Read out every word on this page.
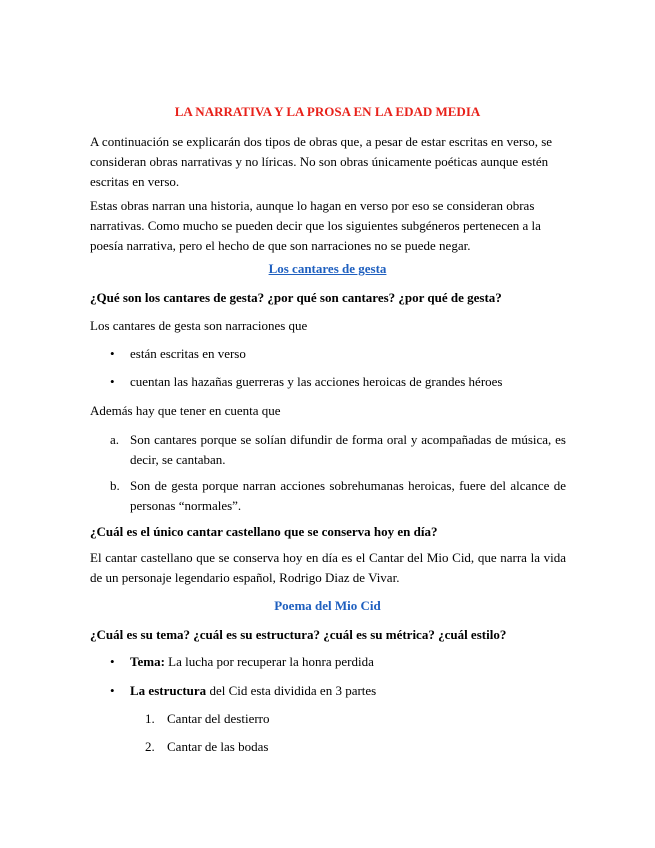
LA NARRATIVA Y LA PROSA EN LA EDAD MEDIA

A continuación se explicarán dos tipos de obras que, a pesar de estar escritas en verso, se consideran obras narrativas y no líricas. No son obras únicamente poéticas aunque estén escritas en verso.

Estas obras narran una historia, aunque lo hagan en verso por eso se consideran obras narrativas. Como mucho se pueden decir que los siguientes subgéneros pertenecen a la poesía narrativa, pero el hecho de que son narraciones no se puede negar.

Los cantares de gesta
¿Qué son los cantares de gesta? ¿por qué son cantares? ¿por qué de gesta?
Los cantares de gesta son narraciones que
• están escritas en verso
• cuentan las hazañas guerreras y las acciones heroicas de grandes héroes
Además hay que tener en cuenta que
a. Son cantares porque se solían difundir de forma oral y acompañadas de música, es decir, se cantaban.
b. Son de gesta porque narran acciones sobrehumanas heroicas, fuere del alcance de personas “normales”.
¿Cuál es el único cantar castellano que se conserva hoy en día?

El cantar castellano que se conserva hoy en día es el Cantar del Mio Cid, que narra la vida de un personaje legendario español, Rodrigo Diaz de Vivar.

Poema del Mio Cid
¿Cuál es su tema? ¿cuál es su estructura? ¿cuál es su métrica? ¿cuál estilo?
• Tema: La lucha por recuperar la honra perdida
• La estructura del Cid esta dividida en 3 partes
1. Cantar del destierro
2. Cantar de las bodas
